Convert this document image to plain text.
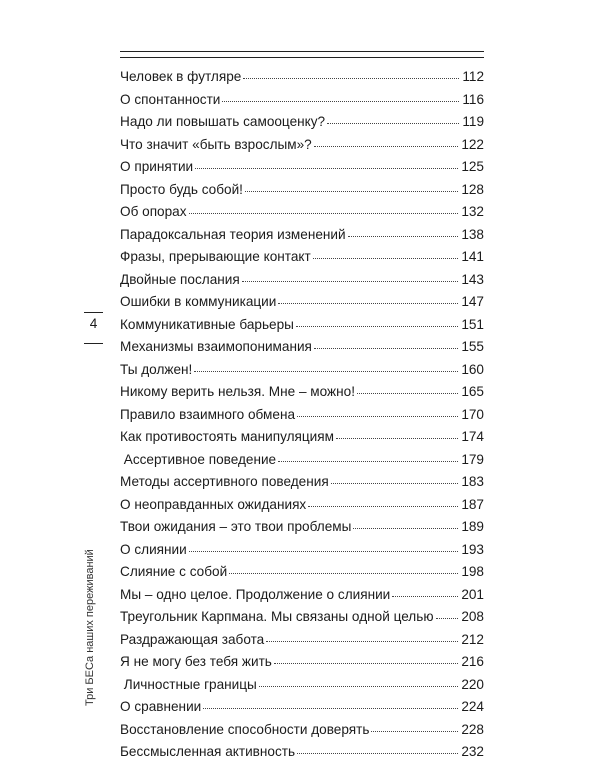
4
Три БЕСа наших переживаний
Человек в футляре	112
О спонтанности	116
Надо ли повышать самооценку?	119
Что значит «быть взрослым»?	122
О принятии	125
Просто будь собой!	128
Об опорах	132
Парадоксальная теория изменений	138
Фразы, прерывающие контакт	141
Двойные послания	143
Ошибки в коммуникации	147
Коммуникативные барьеры	151
Механизмы взаимопонимания	155
Ты должен!	160
Никому верить нельзя. Мне – можно!	165
Правило взаимного обмена	170
Как противостоять манипуляциям	174
Ассертивное поведение	179
Методы ассертивного поведения	183
О неоправданных ожиданиях	187
Твои ожидания – это твои проблемы	189
О слиянии	193
Слияние с собой	198
Мы – одно целое. Продолжение о слиянии	201
Треугольник Карпмана. Мы связаны одной целью 208
Раздражающая забота	212
Я не могу без тебя жить	216
Личностные границы	220
О сравнении	224
Восстановление способности доверять	228
Бессмысленная активность	232
